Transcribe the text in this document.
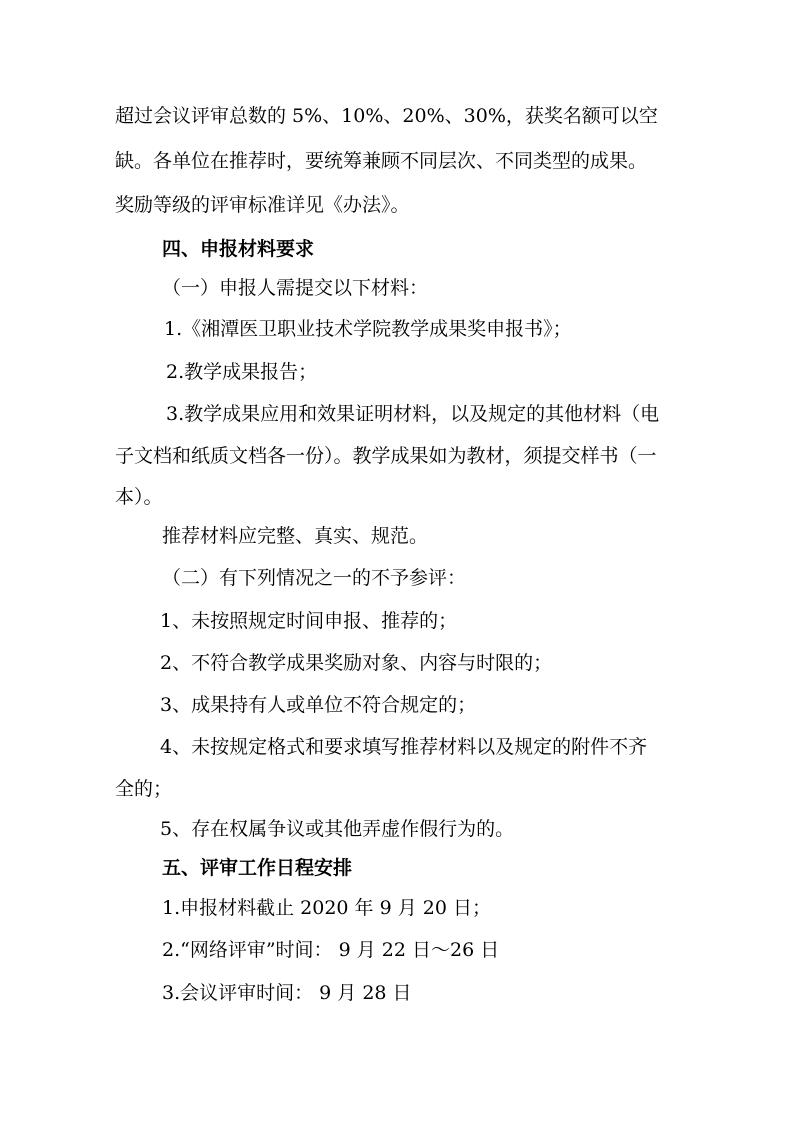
超过会议评审总数的 5%、10%、20%、30%，获奖名额可以空
缺。各单位在推荐时，要统筹兼顾不同层次、不同类型的成果。
奖励等级的评审标准详见《办法》。
四、申报材料要求
（一）申报人需提交以下材料：
1.《湘潭医卫职业技术学院教学成果奖申报书》；
2.教学成果报告；
3.教学成果应用和效果证明材料，以及规定的其他材料（电
子文档和纸质文档各一份）。教学成果如为教材，须提交样书（一
本）。
推荐材料应完整、真实、规范。
（二）有下列情况之一的不予参评：
1、未按照规定时间申报、推荐的；
2、不符合教学成果奖励对象、内容与时限的；
3、成果持有人或单位不符合规定的；
4、未按规定格式和要求填写推荐材料以及规定的附件不齐
全的；
5、存在权属争议或其他弄虚作假行为的。
五、评审工作日程安排
1.申报材料截止 2020 年 9 月 20 日；
2.“网络评审”时间： 9 月 22 日～26 日
3.会议评审时间： 9 月 28 日
